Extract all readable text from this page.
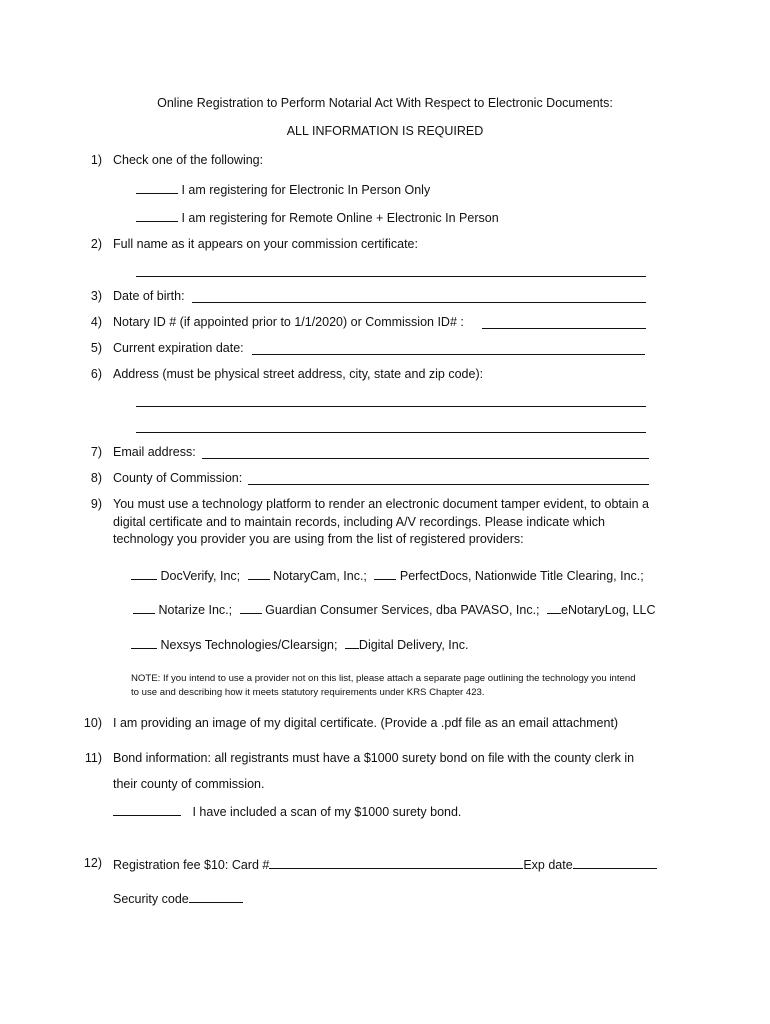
Online Registration to Perform Notarial Act With Respect to Electronic Documents:
ALL INFORMATION IS REQUIRED
1) Check one of the following:
I am registering for Electronic In Person Only
I am registering for Remote Online + Electronic In Person
2) Full name as it appears on your commission certificate:
3) Date of birth:
4) Notary ID # (if appointed prior to 1/1/2020) or Commission ID# :
5) Current expiration date:
6) Address (must be physical street address, city, state and zip code):
7) Email address:
8) County of Commission:
9) You must use a technology platform to render an electronic document tamper evident, to obtain a
digital certificate and to maintain records, including A/V recordings. Please indicate which
technology you provider you are using from the list of registered providers:
DocVerify, Inc;	NotaryCam, Inc.;	PerfectDocs, Nationwide Title Clearing, Inc.;
Notarize Inc.;	Guardian Consumer Services, dba PAVASO, Inc.; eNotaryLog, LLC
Nexsys Technologies/Clearsign; Digital Delivery, Inc.
NOTE: If you intend to use a provider not on this list, please attach a separate page outlining the technology you intend
to use and describing how it meets statutory requirements under KRS Chapter 423.
10) I am providing an image of my digital certificate. (Provide a .pdf file as an email attachment)
11) Bond information: all registrants must have a $1000 surety bond on file with the county clerk in
their county of commission.
I have included a scan of my $1000 surety bond.
12) Registration fee $10: Card #	Exp date
Security code
